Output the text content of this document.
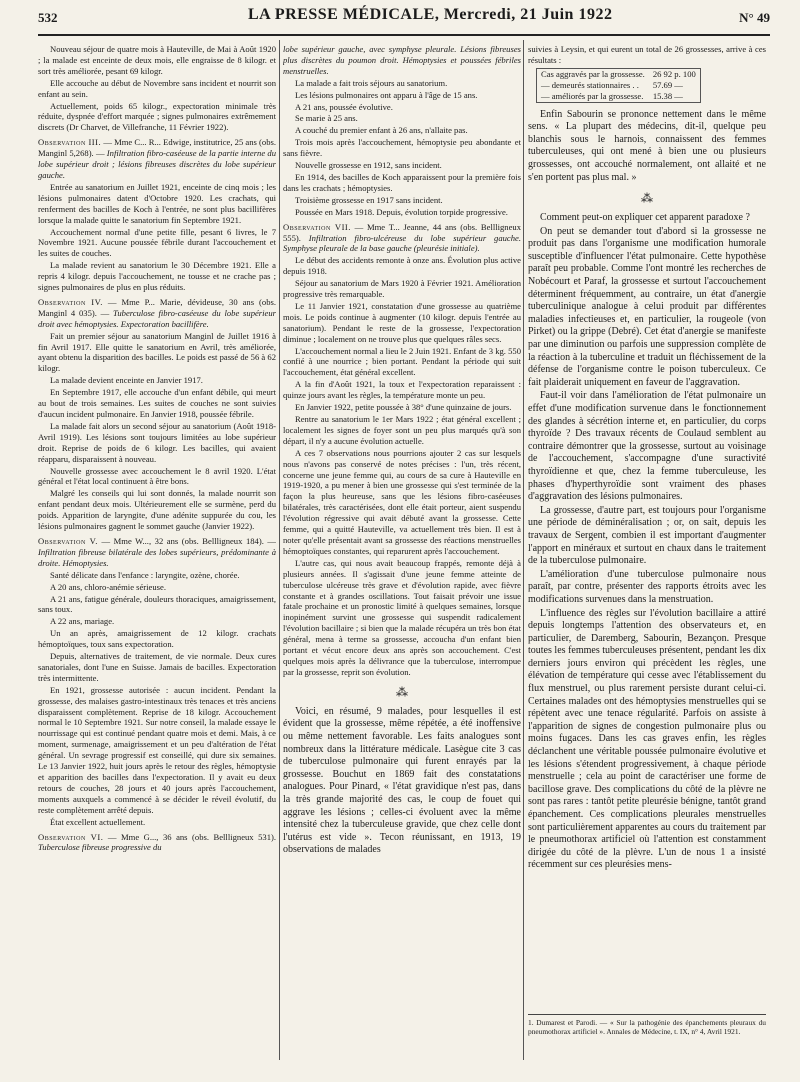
532	LA PRESSE MÉDICALE, Mercredi, 21 Juin 1922	N° 49

Nouveau séjour de quatre mois à Hauteville, de Mai à Août 1920 ; la malade est enceinte de deux mois, elle engraisse de 8 kilogr. et sort très améliorée, pesant 69 kilogr.

Elle accouche au début de Novembre sans incident et nourrit son enfant au sein.

Actuellement, poids 65 kilogr., expectoration minimale très réduite, dyspnée d'effort marquée ; signes pulmonaires extrêmement discrets (Dr Charvet, de Villefranche, 11 Février 1922).

Observation III. — Mme C... R... Edwige, institutrice, 25 ans (obs. Manginl 5,268). — Infiltration fibro-caséeuse de la partie interne du lobe supérieur droit ; lésions fibreuses discrètes du lobe supérieur gauche.

Entrée au sanatorium en Juillet 1921, enceinte de cinq mois ; les lésions pulmonaires datent d'Octobre 1920. Les crachats, qui renferment des bacilles de Koch à l'entrée, ne sont plus bacillifères lorsque la malade quitte le sanatorium fin Septembre 1921.

Accouchement normal d'une petite fille, pesant 6 livres, le 7 Novembre 1921. Aucune poussée fébrile durant l'accouchement et les suites de couches.

La malade revient au sanatorium le 30 Décembre 1921. Elle a repris 4 kilogr. depuis l'accouchement, ne tousse et ne crache pas ; signes pulmonaires de plus en plus réduits.

Observation IV. — Mme P... Marie, dévideuse, 30 ans (obs. Manginl 4 035). — Tuberculose fibro-caséeuse du lobe supérieur droit avec hémoptysies. Expectoration bacillifère.

Fait un premier séjour au sanatorium Manginl de Juillet 1916 à fin Avril 1917. Elle quitte le sanatorium en Avril, très améliorée, ayant obtenu la disparition des bacilles. Le poids est passé de 56 à 62 kilogr.

La malade devient enceinte en Janvier 1917.

En Septembre 1917, elle accouche d'un enfant débile, qui meurt au bout de trois semaines. Les suites de couches ne sont suivies d'aucun incident pulmonaire. En Janvier 1918, poussée fébrile.

La malade fait alors un second séjour au sanatorium (Août 1918-Avril 1919). Les lésions sont toujours limitées au lobe supérieur droit. Reprise de poids de 6 kilogr. Les bacilles, qui avaient réapparu, disparaissent à nouveau.

Nouvelle grossesse avec accouchement le 8 avril 1920. L'état général et l'état local continuent à être bons.

Malgré les conseils qui lui sont donnés, la malade nourrit son enfant pendant deux mois. Ultérieurement elle se surmène, perd du poids. Apparition de laryngite, d'une adénite suppurée du cou, les lésions pulmonaires gagnent le sommet gauche (Janvier 1922).

Observation V. — Mme W..., 32 ans (obs. Bellligneux 184). — Infiltration fibreuse bilatérale des lobes supérieurs, prédominante à droite. Hémoptysies.

Santé délicate dans l'enfance : laryngite, ozène, chorée.

A 20 ans, chloro-anémie sérieuse.

A 21 ans, fatigue générale, douleurs thoraciques, amaigrissement, sans toux.

A 22 ans, mariage.

Un an après, amaigrissement de 12 kilogr. crachats hémoptoïques, toux sans expectoration.

Depuis, alternatives de traitement, de vie normale. Deux cures sanatoriales, dont l'une en Suisse. Jamais de bacilles. Expectoration très intermittente.

En 1921, grossesse autorisée : aucun incident. Pendant la grossesse, des malaises gastro-intestinaux très tenaces et très anciens disparaissent complètement. Reprise de 18 kilogr. Accouchement normal le 10 Septembre 1921. Sur notre conseil, la malade essaye le nourrissage qui est continué pendant quatre mois et demi. Mais, à ce moment, surmenage, amaigrissement et un peu d'altération de l'état général. Un sevrage progressif est conseillé, qui dure six semaines. Le 13 Janvier 1922, huit jours après le retour des règles, hémoptysie et apparition des bacilles dans l'expectoration. Il y avait eu deux retours de couches, 28 jours et 40 jours après l'accouchement, moments auxquels a commencé à se décider le réveil évolutif, du reste complètement arrêté depuis.

État excellent actuellement.

Observation VI. — Mme G..., 36 ans (obs. Bellligneux 531). Tuberculose fibreuse progressive du

lobe supérieur gauche, avec symphyse pleurale. Lésions fibreuses plus discrètes du poumon droit. Hémoptysies et poussées fébriles menstruelles.

La malade a fait trois séjours au sanatorium.

Les lésions pulmonaires ont apparu à l'âge de 15 ans.

A 21 ans, poussée évolutive.

Se marie à 25 ans.

A couché du premier enfant à 26 ans, n'allaite pas.

Trois mois après l'accouchement, hémoptysie peu abondante et sans fièvre.

Nouvelle grossesse en 1912, sans incident.

En 1914, des bacilles de Koch apparaissent pour la première fois dans les crachats ; hémoptysies.

Troisième grossesse en 1917 sans incident.

Poussée en Mars 1918. Depuis, évolution torpide progressive.

Observation VII. — Mme T... Jeanne, 44 ans (obs. Bellligneux 555). Infiltration fibro-ulcéreuse du lobe supérieur gauche. Symphyse pleurale de la base gauche (pleurésie initiale).

Le début des accidents remonte à onze ans. Évolution plus active depuis 1918.

Séjour au sanatorium de Mars 1920 à Février 1921. Amélioration progressive très remarquable.

Le 11 Janvier 1921, constatation d'une grossesse au quatrième mois. Le poids continue à augmenter (10 kilogr. depuis l'entrée au sanatorium). Pendant le reste de la grossesse, l'expectoration diminue ; localement on ne trouve plus que quelques râles secs.

L'accouchement normal a lieu le 2 Juin 1921. Enfant de 3 kg. 550 confié à une nourrice ; bien portant. Pendant la période qui suit l'accouchement, état général excellent.

A la fin d'Août 1921, la toux et l'expectoration reparaissent : quinze jours avant les règles, la température monte un peu.

En Janvier 1922, petite poussée à 38° d'une quinzaine de jours.

Rentre au sanatorium le 1er Mars 1922 ; état général excellent ; localement les signes de foyer sont un peu plus marqués qu'à son départ, il n'y a aucune évolution actuelle.

A ces 7 observations nous pourrions ajouter 2 cas sur lesquels nous n'avons pas conservé de notes précises : l'un, très récent, concerne une jeune femme qui, au cours de sa cure à Hauteville en 1919-1920, a pu mener à bien une grossesse qui s'est terminée de la façon la plus heureuse, sans que les lésions fibro-caséeuses bilatérales, très caractérisées, dont elle était porteur, aient suspendu l'évolution régressive qui avait débuté avant la grossesse. Cette femme, qui a quitté Hauteville, va actuellement très bien. Il est à noter qu'elle présentait avant sa grossesse des réactions menstruelles hémoptoïques constantes, qui reparurent après l'accouchement.

L'autre cas, qui nous avait beaucoup frappés, remonte déjà à plusieurs années. Il s'agissait d'une jeune femme atteinte de tuberculose ulcéreuse très grave et d'évolution rapide, avec fièvre constante et à grandes oscillations. Tout faisait prévoir une issue fatale prochaine et un pronostic limité à quelques semaines, lorsque inopinément survint une grossesse qui suspendit radicalement l'évolution bacillaire ; si bien que la malade récupéra un très bon état général, mena à terme sa grossesse, accoucha d'un enfant bien portant et vécut encore deux ans après son accouchement. C'est quelques mois après la délivrance que la tuberculose, interrompue par la grossesse, reprit son évolution.

⁂

Voici, en résumé, 9 malades, pour lesquelles il est évident que la grossesse, même répétée, a été inoffensive ou même nettement favorable. Les faits analogues sont nombreux dans la littérature médicale. Lasègue cite 3 cas de tuberculose pulmonaire qui furent enrayés par la grossesse. Bouchut en 1869 fait des constatations analogues. Pour Pinard, « l'état gravidique n'est pas, dans la très grande majorité des cas, le coup de fouet qui aggrave les lésions ; celles-ci évoluent avec la même intensité chez la tuberculeuse gravide, que chez celle dont l'utérus est vide ». Tecon réunissant, en 1913, 19 observations de malades

suivies à Leysin, et qui eurent un total de 26 grossesses, arrive à ces résultats :

Cas aggravés par la grossesse.	26 92 p. 100
— demeurés stationnaires . .	57.69 —
— améliorés par la grossesse.	15.38 —

Enfin Sabourin se prononce nettement dans le même sens. « La plupart des médecins, dit-il, quelque peu blanchis sous le harnois, connaissent des femmes tuberculeuses, qui ont mené à bien une ou plusieurs grossesses, ont accouché normalement, ont allaité et ne s'en portent pas plus mal. »

⁂

Comment peut-on expliquer cet apparent paradoxe ?

On peut se demander tout d'abord si la grossesse ne produit pas dans l'organisme une modification humorale susceptible d'influencer l'état pulmonaire. Cette hypothèse paraît peu probable. Comme l'ont montré les recherches de Nobécourt et Paraf, la grossesse et surtout l'accouchement déterminent fréquemment, au contraire, un état d'anergie tuberculinique analogue à celui produit par différentes maladies infectieuses et, en particulier, la rougeole (von Pirket) ou la grippe (Debré). Cet état d'anergie se manifeste par une diminution ou parfois une suppression complète de la réaction à la tuberculine et traduit un fléchissement de la défense de l'organisme contre le poison tuberculeux. Ce fait plaiderait uniquement en faveur de l'aggravation.

Faut-il voir dans l'amélioration de l'état pulmonaire un effet d'une modification survenue dans le fonctionnement des glandes à sécrétion interne et, en particulier, du corps thyroïde ? Des travaux récents de Coulaud semblent au contraire démontrer que la grossesse, surtout au voisinage de l'accouchement, s'accompagne d'une suractivité thyroïdienne et que, chez la femme tuberculeuse, les phases d'hyperthyroïdie sont vraiment des phases d'aggravation des lésions pulmonaires.

La grossesse, d'autre part, est toujours pour l'organisme une période de déminéralisation ; or, on sait, depuis les travaux de Sergent, combien il est important d'augmenter l'apport en minéraux et surtout en chaux dans le traitement de la tuberculose pulmonaire.

L'amélioration d'une tuberculose pulmonaire nous paraît, par contre, présenter des rapports étroits avec les modifications survenues dans la menstruation.

L'influence des règles sur l'évolution bacillaire a attiré depuis longtemps l'attention des observateurs et, en particulier, de Daremberg, Sabourin, Bezançon. Presque toutes les femmes tuberculeuses présentent, pendant les dix derniers jours environ qui précèdent les règles, une élévation de température qui cesse avec l'établissement du flux menstruel, ou plus rarement persiste durant celui-ci. Certaines malades ont des hémoptysies menstruelles qui se répètent avec une tenace régularité. Parfois on assiste à l'apparition de signes de congestion pulmonaire plus ou moins fugaces. Dans les cas graves enfin, les règles déclanchent une véritable poussée pulmonaire évolutive et les lésions s'étendent progressivement, à chaque période menstruelle ; cela au point de caractériser une forme de bacillose grave. Des complications du côté de la plèvre ne sont pas rares : tantôt petite pleurésie bénigne, tantôt grand épanchement. Ces complications pleurales menstruelles sont particulièrement apparentes au cours du traitement par le pneumothorax artificiel où l'attention est constamment dirigée du côté de la plèvre. L'un de nous 1 a insisté récemment sur ces pleurésies mens-

1. Dumarest et Parodi. — « Sur la pathogénie des épanchements pleuraux du pneumothorax artificiel ». Annales de Médecine, t. IX, n° 4, Avril 1921.
